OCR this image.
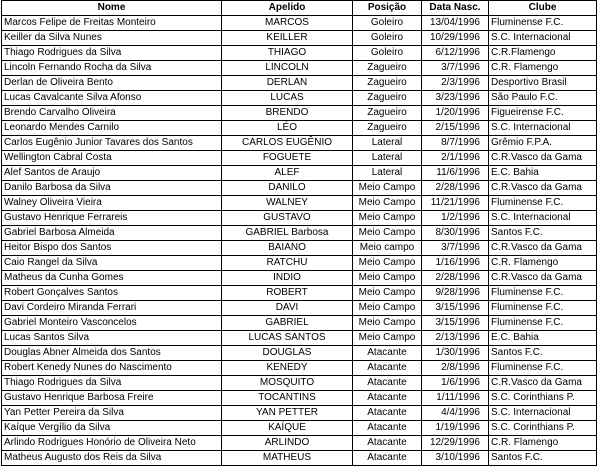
Nome	Apelido	Posição	Data Nasc.	Clube
Marcos Felipe de Freitas Monteiro	MARCOS	Goleiro	13/04/1996	Fluminense F.C.
Keiller da Silva Nunes	KEILLER	Goleiro	10/29/1996	S.C. Internacional
Thiago Rodrigues da Silva	THIAGO	Goleiro	6/12/1996	C.R.Flamengo
Lincoln Fernando Rocha da Silva	LINCOLN	Zagueiro	3/7/1996	C.R. Flamengo
Derlan de Oliveira Bento	DERLAN	Zagueiro	2/3/1996	Desportivo Brasil
Lucas Cavalcante Silva Afonso	LUCAS	Zagueiro	3/23/1996	São Paulo F.C.
Brendo Carvalho Oliveira	BRENDO	Zagueiro	1/20/1996	Figueirense F.C.
Leonardo Mendes Carnilo	LÉO	Zagueiro	2/15/1996	S.C. Internacional
Carlos Eugênio Junior Tavares dos Santos	CARLOS EUGÊNIO	Lateral	8/7/1996	Grêmio F.P.A.
Wellington Cabral Costa	FOGUETE	Lateral	2/1/1996	C.R.Vasco da Gama
Alef Santos de Araujo	ALEF	Lateral	11/6/1996	E.C. Bahia
Danilo Barbosa da Silva	DANILO	Meio Campo	2/28/1996	C.R.Vasco da Gama
Walney Oliveira Vieira	WALNEY	Meio Campo	11/21/1996	Fluminense F.C.
Gustavo Henrique Ferrareis	GUSTAVO	Meio Campo	1/2/1996	S.C. Internacional
Gabriel Barbosa Almeida	GABRIEL Barbosa	Meio Campo	8/30/1996	Santos F.C.
Heitor Bispo dos Santos	BAIANO	Meio campo	3/7/1996	C.R.Vasco da Gama
Caio Rangel da Silva	RATCHU	Meio Campo	1/16/1996	C.R. Flamengo
Matheus da Cunha Gomes	INDIO	Meio Campo	2/28/1996	C.R.Vasco da Gama
Robert Gonçalves Santos	ROBERT	Meio Campo	9/28/1996	Fluminense F.C.
Davi Cordeiro Miranda Ferrari	DAVI	Meio Campo	3/15/1996	Fluminense F.C.
Gabriel Monteiro Vasconcelos	GABRIEL	Meio Campo	3/15/1996	Fluminense F.C.
Lucas Santos Silva	LUCAS SANTOS	Meio Campo	2/13/1996	E.C. Bahia
Douglas Abner Almeida dos Santos	DOUGLAS	Atacante	1/30/1996	Santos F.C.
Robert Kenedy Nunes do Nascimento	KENEDY	Atacante	2/8/1996	Fluminense F.C.
Thiago Rodrigues da Silva	MOSQUITO	Atacante	1/6/1996	C.R.Vasco da Gama
Gustavo Henrique Barbosa Freire	TOCANTINS	Atacante	1/11/1996	S.C. Corinthians P.
Yan Petter Pereira da Silva	YAN PETTER	Atacante	4/4/1996	S.C. Internacional
Kaíque Vergílio da Silva	KAÍQUE	Atacante	1/19/1996	S.C. Corinthians P.
Arlindo Rodrigues Honório de Oliveira Neto	ARLINDO	Atacante	12/29/1996	C.R. Flamengo
Matheus Augusto dos Reis da Silva	MATHEUS	Atacante	3/10/1996	Santos F.C.
